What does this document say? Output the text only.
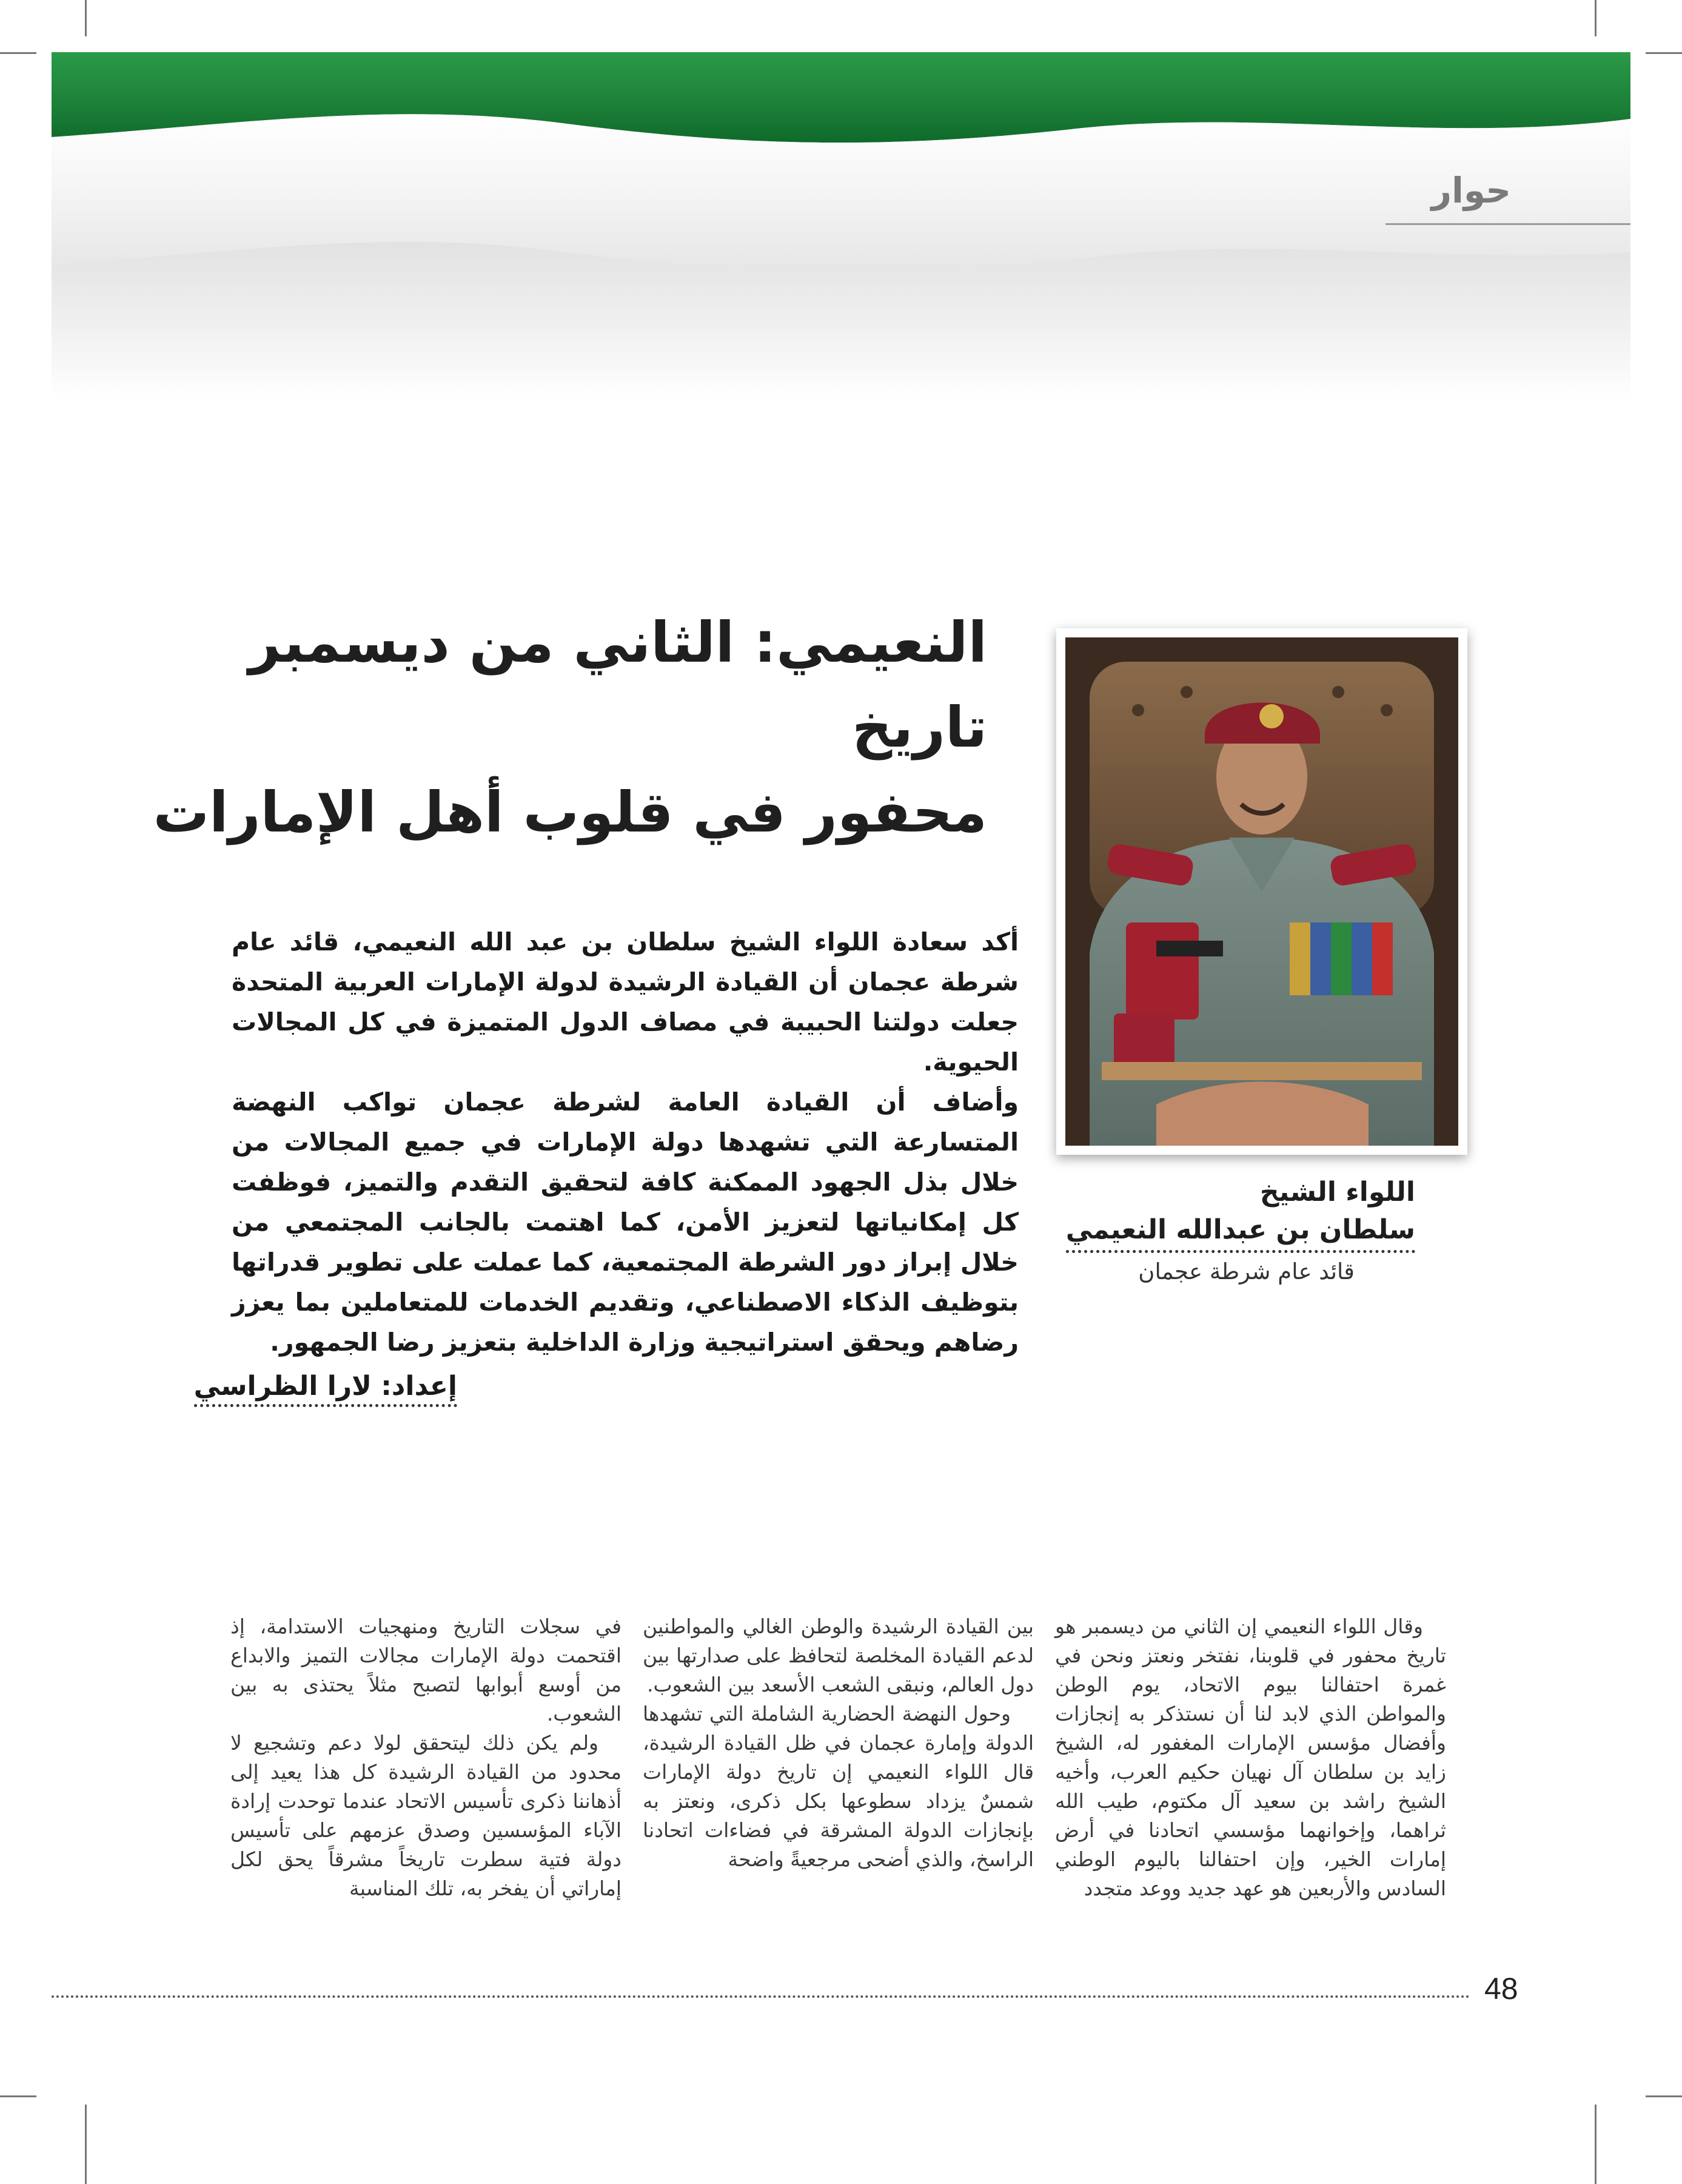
حوار
النعيمي: الثاني من ديسمبر تاريخ
محفور في قلوب أهل الإمارات
اللواء الشيخ
سلطان بن عبدالله النعيمي
قائد عام شرطة عجمان

أكد سعادة اللواء الشيخ سلطان بن عبد الله النعيمي، قائد عام شرطة عجمان أن القيادة الرشيدة لدولة الإمارات العربية المتحدة جعلت دولتنا الحبيبة في مصاف الدول المتميزة في كل المجالات الحيوية.

وأضاف أن القيادة العامة لشرطة عجمان تواكب النهضة المتسارعة التي تشهدها دولة الإمارات في جميع المجالات من خلال بذل الجهود الممكنة كافة لتحقيق التقدم والتميز، فوظفت كل إمكانياتها لتعزيز الأمن، كما اهتمت بالجانب المجتمعي من خلال إبراز دور الشرطة المجتمعية، كما عملت على تطوير قدراتها بتوظيف الذكاء الاصطناعي، وتقديم الخدمات للمتعاملين بما يعزز رضاهم ويحقق استراتيجية وزارة الداخلية بتعزيز رضا الجمهور.

إعداد: لارا الظراسي

وقال اللواء النعيمي إن الثاني من ديسمبر هو تاريخ محفور في قلوبنا، نفتخر ونعتز ونحن في غمرة احتفالنا بيوم الاتحاد، يوم الوطن والمواطن الذي لابد لنا أن نستذكر به إنجازات وأفضال مؤسس الإمارات المغفور له، الشيخ زايد بن سلطان آل نهيان حكيم العرب، وأخيه الشيخ راشد بن سعيد آل مكتوم، طيب الله ثراهما، وإخوانهما مؤسسي اتحادنا في أرض إمارات الخير، وإن احتفالنا باليوم الوطني السادس والأربعين هو عهد جديد ووعد متجدد

بين القيادة الرشيدة والوطن الغالي والمواطنين لدعم القيادة المخلصة لتحافظ على صدارتها بين دول العالم، ونبقى الشعب الأسعد بين الشعوب.

وحول النهضة الحضارية الشاملة التي تشهدها الدولة وإمارة عجمان في ظل القيادة الرشيدة، قال اللواء النعيمي إن تاريخ دولة الإمارات شمسٌ يزداد سطوعها بكل ذكرى، ونعتز به بإنجازات الدولة المشرقة في فضاءات اتحادنا الراسخ، والذي أضحى مرجعيةً واضحة

في سجلات التاريخ ومنهجيات الاستدامة، إذ اقتحمت دولة الإمارات مجالات التميز والابداع من أوسع أبوابها لتصبح مثلاً يحتذى به بين الشعوب.

ولم يكن ذلك ليتحقق لولا دعم وتشجيع لا محدود من القيادة الرشيدة كل هذا يعيد إلى أذهاننا ذكرى تأسيس الاتحاد عندما توحدت إرادة الآباء المؤسسين وصدق عزمهم على تأسيس دولة فتية سطرت تاريخاً مشرقاً يحق لكل إماراتي أن يفخر به، تلك المناسبة

48
